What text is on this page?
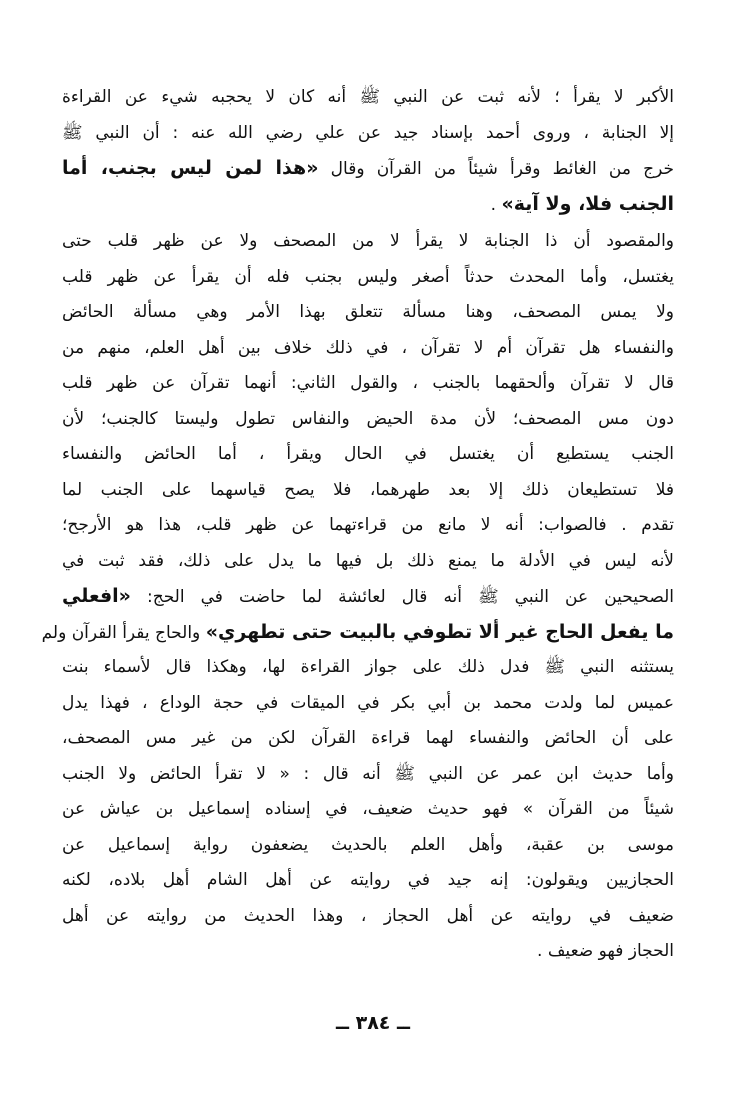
الأكبر لا يقرأ ؛ لأنه ثبت عن النبي ﷺ أنه كان لا يحجبه شيء عن القراءة
إلا الجنابة ، وروى أحمد بإسناد جيد عن علي رضي الله عنه : أن النبي ﷺ
خرج من الغائط وقرأ شيئاً من القرآن وقال «هذا لمن ليس بجنب، أما
الجنب فلا، ولا آية» .
والمقصود أن ذا الجنابة لا يقرأ لا من المصحف ولا عن ظهر قلب حتى
يغتسل، وأما المحدث حدثاً أصغر وليس بجنب فله أن يقرأ عن ظهر قلب
ولا يمس المصحف، وهنا مسألة تتعلق بهذا الأمر وهي مسألة الحائض
والنفساء هل تقرآن أم لا تقرآن ، في ذلك خلاف بين أهل العلم، منهم من
قال لا تقرآن وألحقهما بالجنب ، والقول الثاني: أنهما تقرآن عن ظهر قلب
دون مس المصحف؛ لأن مدة الحيض والنفاس تطول وليستا كالجنب؛ لأن
الجنب يستطيع أن يغتسل في الحال ويقرأ ، أما الحائض والنفساء
فلا تستطيعان ذلك إلا بعد طهرهما، فلا يصح قياسهما على الجنب لما
تقدم . فالصواب: أنه لا مانع من قراءتهما عن ظهر قلب، هذا هو الأرجح؛
لأنه ليس في الأدلة ما يمنع ذلك بل فيها ما يدل على ذلك، فقد ثبت في
الصحيحين عن النبي ﷺ أنه قال لعائشة لما حاضت في الحج: «افعلي
ما يفعل الحاج غير ألا تطوفي بالبيت حتى تطهري» والحاج يقرأ القرآن ولم
يستثنه النبي ﷺ فدل ذلك على جواز القراءة لها، وهكذا قال لأسماء بنت
عميس لما ولدت محمد بن أبي بكر في الميقات في حجة الوداع ، فهذا يدل
على أن الحائض والنفساء لهما قراءة القرآن لكن من غير مس المصحف،
وأما حديث ابن عمر عن النبي ﷺ أنه قال : « لا تقرأ الحائض ولا الجنب
شيئاً من القرآن » فهو حديث ضعيف، في إسناده إسماعيل بن عياش عن
موسى بن عقبة، وأهل العلم بالحديث يضعفون رواية إسماعيل عن
الحجازيين ويقولون: إنه جيد في روايته عن أهل الشام أهل بلاده، لكنه
ضعيف في روايته عن أهل الحجاز ، وهذا الحديث من روايته عن أهل
الحجاز فهو ضعيف .
ــ ٣٨٤ ــ
